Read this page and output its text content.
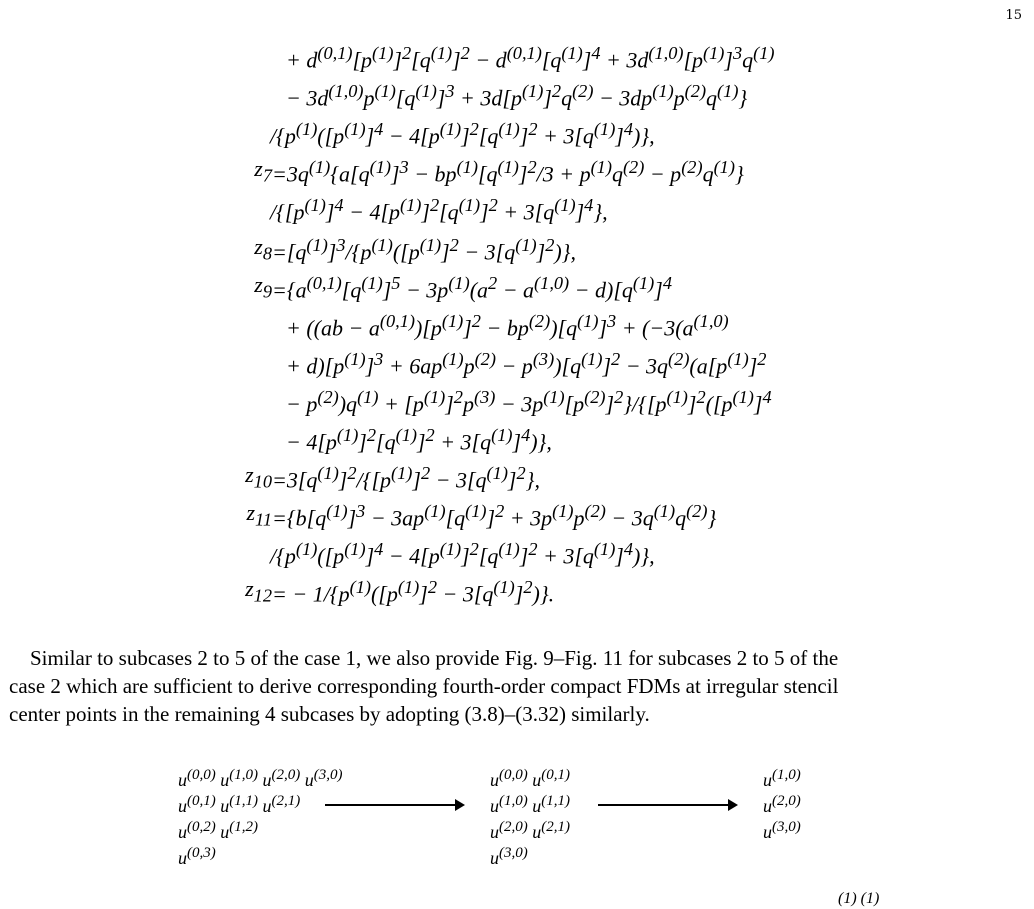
15
+ $d^{(0,1)}[p^{(1)}]^2[q^{(1)}]^2 - d^{(0,1)}[q^{(1)}]^4 + 3d^{(1,0)}[p^{(1)}]^3q^{(1)}$
− $3d^{(1,0)}p^{(1)}[q^{(1)}]^3 + 3d[p^{(1)}]^2q^{(2)} - 3dp^{(1)}p^{(2)}q^{(1)}$}
$/\{p^{(1)}([p^{(1)}]^4 - 4[p^{(1)}]^2[q^{(1)}]^2 + 3[q^{(1)}]^4)\}$,
$z_7 =3q^{(1)}\{a[q^{(1)}]^3 - bp^{(1)}[q^{(1)}]^2/3 + p^{(1)}q^{(2)} - p^{(2)}q^{(1)}\}$
$/\{[p^{(1)}]^4 - 4[p^{(1)}]^2[q^{(1)}]^2 + 3[q^{(1)}]^4\}$,
$z_8 =[q^{(1)}]^3/\{p^{(1)}([p^{(1)}]^2 - 3[q^{(1)}]^2)\}$,
$z_9 =\{a^{(0,1)}[q^{(1)}]^5 - 3p^{(1)}(a^2 - a^{(1,0)} - d)[q^{(1)}]^4$
+ $((ab - a^{(0,1)})[p^{(1)}]^2 - bp^{(2)})[q^{(1)}]^3 + (-3(a^{(1,0)}$
+ $d)[p^{(1)}]^3 + 6ap^{(1)}p^{(2)} - p^{(3)})[q^{(1)}]^2 - 3q^{(2)}(a[p^{(1)}]^2$
− $p^{(2)})q^{(1)} + [p^{(1)}]^2p^{(3)} - 3p^{(1)}[p^{(2)}]^2\}/\{[p^{(1)}]^2([p^{(1)}]^4$
− $4[p^{(1)}]^2[q^{(1)}]^2 + 3[q^{(1)}]^4$)},
$z_{10} =3[q^{(1)}]^2/\{[p^{(1)}]^2 - 3[q^{(1)}]^2\}$,
$z_{11} =\{b[q^{(1)}]^3 - 3ap^{(1)}[q^{(1)}]^2 + 3p^{(1)}p^{(2)} - 3q^{(1)}q^{(2)}\}$
$/\{p^{(1)}([p^{(1)}]^4 - 4[p^{(1)}]^2[q^{(1)}]^2 + 3[q^{(1)}]^4)\}$,
$z_{12}$ = − $1/\{p^{(1)}([p^{(1)}]^2 - 3[q^{(1)}]^2)\}$.
Similar to subcases 2 to 5 of the case 1, we also provide Fig. 9–Fig. 11 for subcases 2 to 5 of the
case 2 which are sufficient to derive corresponding fourth-order compact FDMs at irregular stencil
center points in the remaining 4 subcases by adopting (3.8)–(3.32) similarly.
$u^{(0,0)}$ $u^{(1,0)}$ $u^{(2,0)}$ $u^{(3,0)}$
$u^{(0,1)}$ $u^{(1,1)}$ $u^{(2,1)}$
$u^{(0,2)}$ $u^{(1,2)}$
$u^{(0,3)}$
$u^{(0,0)}$ $u^{(0,1)}$
$u^{(1,0)}$ $u^{(1,1)}$
$u^{(2,0)}$ $u^{(2,1)}$
$u^{(3,0)}$
$u^{(1,0)}$
$u^{(2,0)}$
$u^{(3,0)}$
(1) (1)
